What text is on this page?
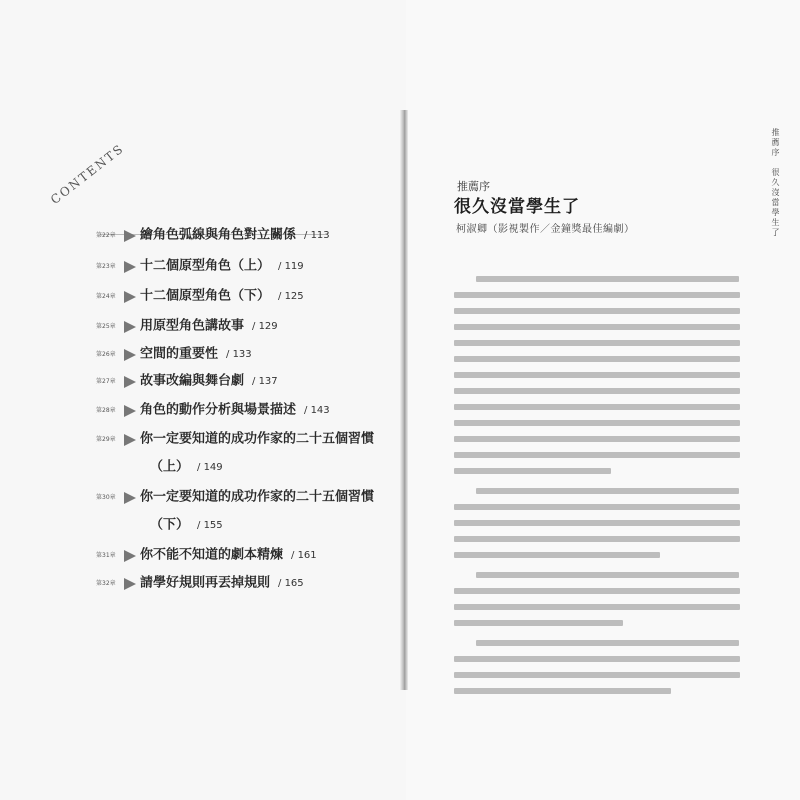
CONTENTS
第22章 繪角色弧線與角色對立關係 / 113
第23章 十二個原型角色（上） / 119
第24章 十二個原型角色（下） / 125
第25章 用原型角色講故事 / 129
第26章 空間的重要性 / 133
第27章 故事改編與舞台劇 / 137
第28章 角色的動作分析與場景描述 / 143
第29章 你一定要知道的成功作家的二十五個習慣
（上） / 149
第30章 你一定要知道的成功作家的二十五個習慣
（下） / 155
第31章 你不能不知道的劇本精煉 / 161
第32章 請學好規則再丟掉規則 / 165
推薦序
很久沒當學生了
柯淑卿（影視製作／金鐘獎最佳編劇）	推薦序　很久沒當學生了
